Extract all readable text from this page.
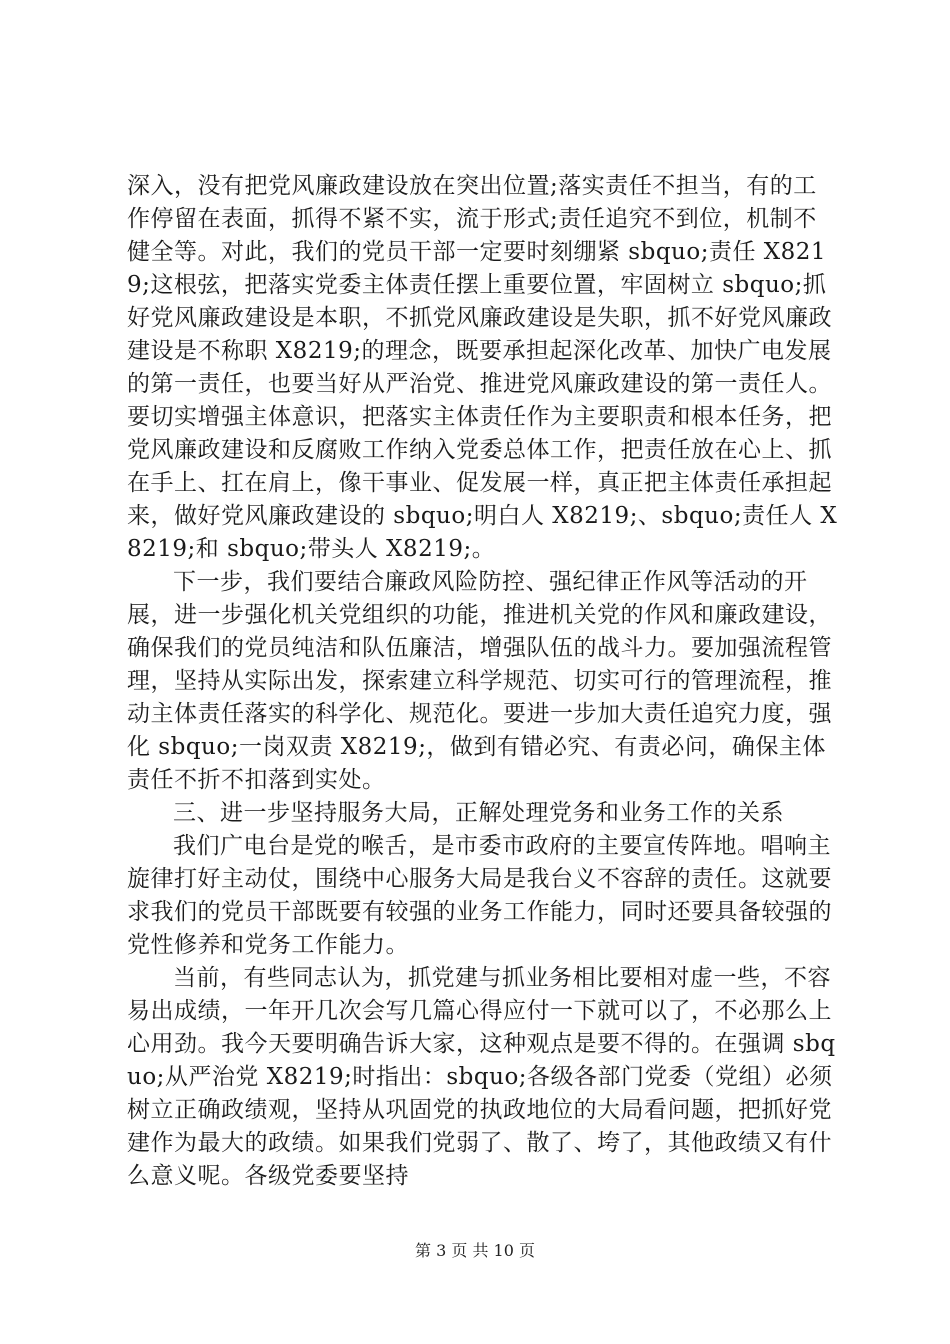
深入，没有把党风廉政建设放在突出位置;落实责任不担当，有的工作停留在表面，抓得不紧不实，流于形式;责任追究不到位，机制不健全等。对此，我们的党员干部一定要时刻绷紧 sbquo;责任 X8219;这根弦，把落实党委主体责任摆上重要位置，牢固树立 sbquo;抓好党风廉政建设是本职，不抓党风廉政建设是失职，抓不好党风廉政建设是不称职 X8219;的理念，既要承担起深化改革、加快广电发展的第一责任，也要当好从严治党、推进党风廉政建设的第一责任人。要切实增强主体意识，把落实主体责任作为主要职责和根本任务，把党风廉政建设和反腐败工作纳入党委总体工作，把责任放在心上、抓在手上、扛在肩上，像干事业、促发展一样，真正把主体责任承担起来，做好党风廉政建设的 sbquo;明白人 X8219;、sbquo;责任人 X8219;和 sbquo;带头人 X8219;。

下一步，我们要结合廉政风险防控、强纪律正作风等活动的开展，进一步强化机关党组织的功能，推进机关党的作风和廉政建设，确保我们的党员纯洁和队伍廉洁，增强队伍的战斗力。要加强流程管理，坚持从实际出发，探索建立科学规范、切实可行的管理流程，推动主体责任落实的科学化、规范化。要进一步加大责任追究力度，强化 sbquo;一岗双责 X8219;，做到有错必究、有责必问，确保主体责任不折不扣落到实处。

三、进一步坚持服务大局，正解处理党务和业务工作的关系

我们广电台是党的喉舌，是市委市政府的主要宣传阵地。唱响主旋律打好主动仗，围绕中心服务大局是我台义不容辞的责任。这就要求我们的党员干部既要有较强的业务工作能力，同时还要具备较强的党性修养和党务工作能力。

当前，有些同志认为，抓党建与抓业务相比要相对虚一些，不容易出成绩，一年开几次会写几篇心得应付一下就可以了，不必那么上心用劲。我今天要明确告诉大家，这种观点是要不得的。在强调 sbquo;从严治党 X8219;时指出：sbquo;各级各部门党委（党组）必须树立正确政绩观，坚持从巩固党的执政地位的大局看问题，把抓好党建作为最大的政绩。如果我们党弱了、散了、垮了，其他政绩又有什么意义呢。各级党委要坚持

第 3 页 共 10 页
